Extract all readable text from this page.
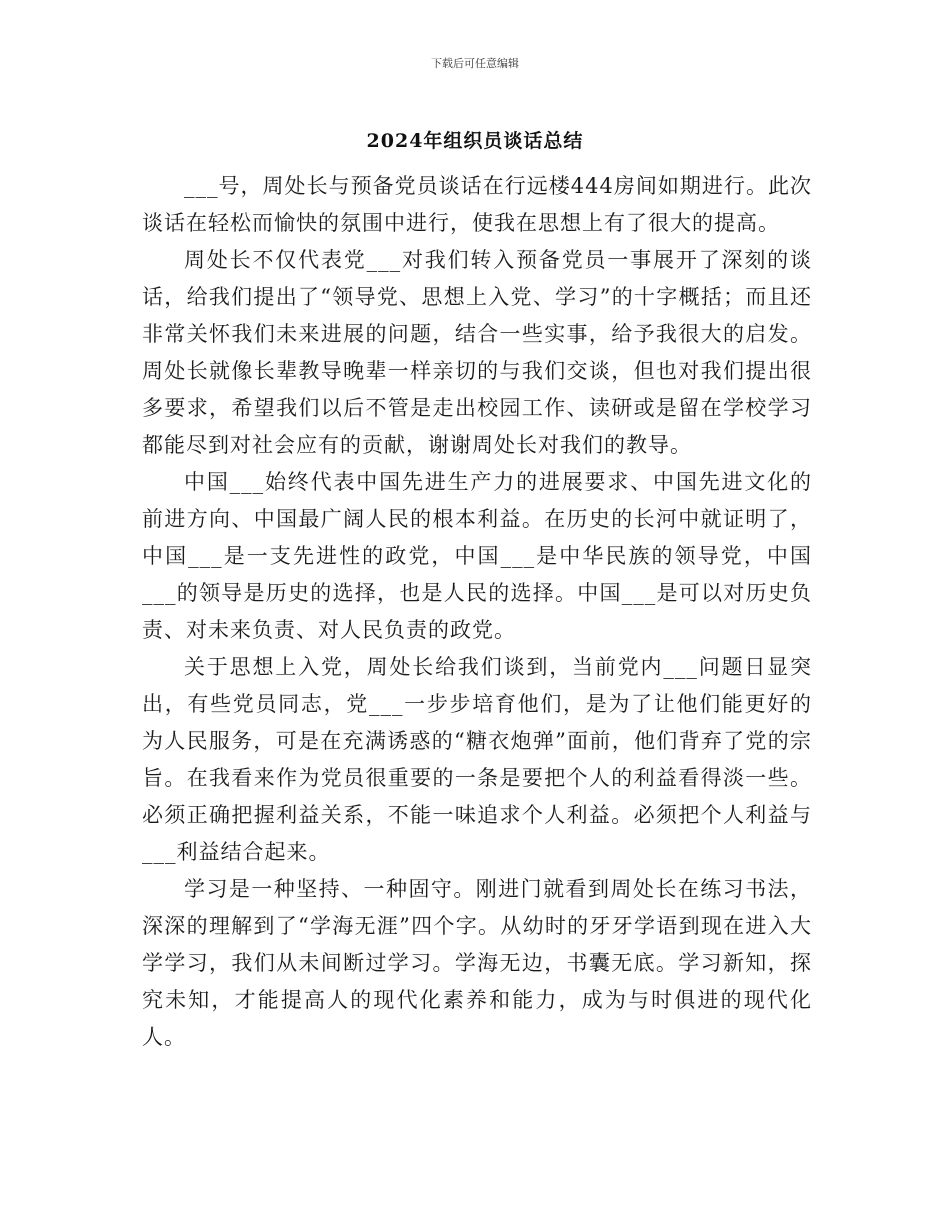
下载后可任意编辑
2024年组织员谈话总结

___号，周处长与预备党员谈话在行远楼444房间如期进行。此次谈话在轻松而愉快的氛围中进行，使我在思想上有了很大的提高。

周处长不仅代表党___对我们转入预备党员一事展开了深刻的谈话，给我们提出了“领导党、思想上入党、学习”的十字概括；而且还非常关怀我们未来进展的问题，结合一些实事，给予我很大的启发。周处长就像长辈教导晚辈一样亲切的与我们交谈，但也对我们提出很多要求，希望我们以后不管是走出校园工作、读研或是留在学校学习都能尽到对社会应有的贡献，谢谢周处长对我们的教导。

中国___始终代表中国先进生产力的进展要求、中国先进文化的前进方向、中国最广阔人民的根本利益。在历史的长河中就证明了，中国___是一支先进性的政党，中国___是中华民族的领导党，中国___的领导是历史的选择，也是人民的选择。中国___是可以对历史负责、对未来负责、对人民负责的政党。

关于思想上入党，周处长给我们谈到，当前党内___问题日显突出，有些党员同志，党___一步步培育他们，是为了让他们能更好的为人民服务，可是在充满诱惑的“糖衣炮弹”面前，他们背弃了党的宗旨。在我看来作为党员很重要的一条是要把个人的利益看得淡一些。必须正确把握利益关系，不能一味追求个人利益。必须把个人利益与___利益结合起来。

学习是一种坚持、一种固守。刚进门就看到周处长在练习书法，深深的理解到了“学海无涯”四个字。从幼时的牙牙学语到现在进入大学学习，我们从未间断过学习。学海无边，书囊无底。学习新知，探究未知，才能提高人的现代化素养和能力，成为与时俱进的现代化人。
